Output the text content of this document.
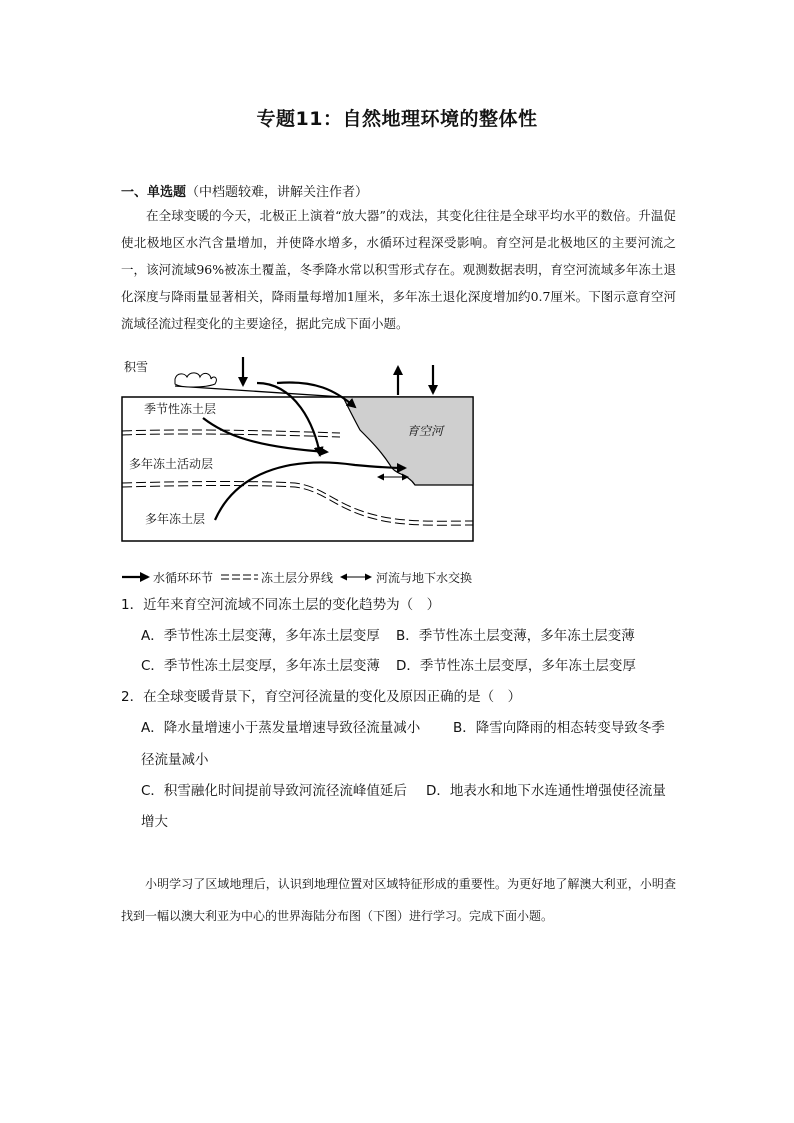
专题11：自然地理环境的整体性
一、单选题（中档题较难，讲解关注作者）

在全球变暖的今天，北极正上演着“放大器”的戏法，其变化往往是全球平均水平的数倍。升温促使北极地区水汽含量增加，并使降水增多，水循环过程深受影响。育空河是北极地区的主要河流之一，该河流域96%被冻土覆盖，冬季降水常以积雪形式存在。观测数据表明，育空河流域多年冻土退化深度与降雨量显著相关，降雨量每增加1厘米，多年冻土退化深度增加约0.7厘米。下图示意育空河流域径流过程变化的主要途径，据此完成下面小题。

积雪
季节性冻土层
多年冻土活动层
多年冻土层
育空河
水循环环节	冻土层分界线	河流与地下水交换
1．近年来育空河流域不同冻土层的变化趋势为（　）
A．季节性冻土层变薄，多年冻土层变厚 B．季节性冻土层变薄，多年冻土层变薄
C．季节性冻土层变厚，多年冻土层变薄 D．季节性冻土层变厚，多年冻土层变厚
2．在全球变暖背景下，育空河径流量的变化及原因正确的是（　）
A．降水量增速小于蒸发量增速导致径流量减小 B．降雪向降雨的相态转变导致冬季
径流量减小
C．积雪融化时间提前导致河流径流峰值延后 D．地表水和地下水连通性增强使径流量
增大

小明学习了区域地理后，认识到地理位置对区域特征形成的重要性。为更好地了解澳大利亚，小明查找到一幅以澳大利亚为中心的世界海陆分布图（下图）进行学习。完成下面小题。
